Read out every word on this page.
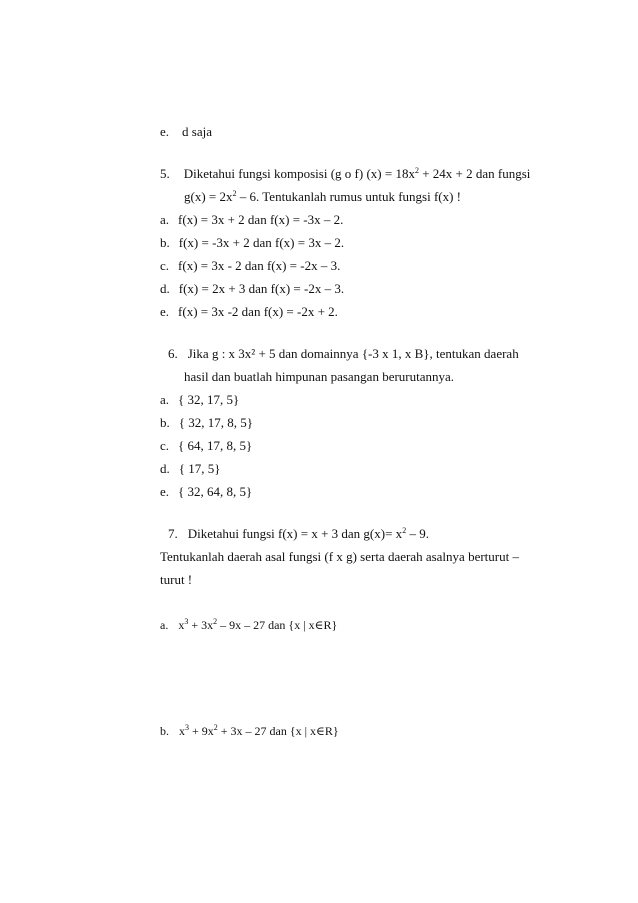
e. d saja
5. Diketahui fungsi komposisi (g o f) $(x) = 18x^2 + 24x + 2$ dan fungsi
$g(x) = 2x^2 - 6$. Tentukanlah rumus untuk fungsi f(x) !
a. f(x) = 3x + 2 dan f(x) = -3x – 2.
b. f(x) = -3x + 2 dan f(x) = 3x – 2.
c. f(x) = 3x - 2 dan f(x) = -2x – 3.
d. f(x) = 2x + 3 dan f(x) = -2x – 3.
e. f(x) = 3x -2 dan f(x) = -2x + 2.
6. Jika g : x 3x² + 5 dan domainnya {-3 x 1, x B}, tentukan daerah
hasil dan buatlah himpunan pasangan berurutannya.
a. { 32, 17, 5}
b. { 32, 17, 8, 5}
c. { 64, 17, 8, 5}
d. { 17, 5}
e. { 32, 64, 8, 5}
7. Diketahui fungsi f(x) = x + 3 dan $g(x)= x^2 - 9$.
Tentukanlah daerah asal fungsi (f x g) serta daerah asalnya berturut –
turut !
a. $x^3 + 3x^2 - 9x - 27$ dan {x | x∈R}
b. $x^3 + 9x^2 + 3x - 27$ dan {x | x∈R}
